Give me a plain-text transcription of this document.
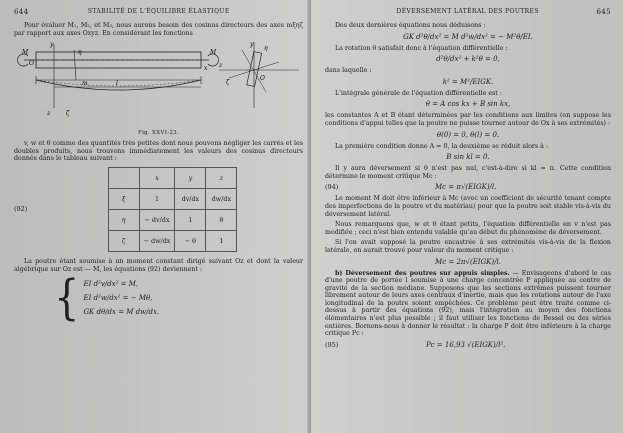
644	STABILITÉ DE L'ÉQUILIBRE ÉLASTIQUE

Pour évaluer M₁, M₂, et M₃, nous aurons besoin des cosinus directeurs des axes mξηζ par rapport aux axes Oxyz. En considérant les fonctions

M	M
y
O
η
m	l
z	ζ
x
y
z
ζ
η
O
Fig. XXVI-23.

v, w et θ comme des quantités très petites dont nous pouvons négliger les carrés et les doubles produits, nous trouvons immédiatement les valeurs des cosinus directeurs donnés dans le tableau suivant :

(92)
	x	y	z
ξ	1	dv/dx	dw/dx
η	− dv/dx	1	θ
ζ	− dw/dx	− θ	1

La poutre étant soumise à un moment constant dirigé suivant Oz et dont la valeur algébrique sur Oz est — M, les équations (92) deviennent :

{ EI d²v/dx² = M,
EI d²w/dx² = − Mθ,
GK dθ/dx = M dw/dx.
DÉVERSEMENT LATÉRAL DES POUTRES	645

Des deux dernières équations nous déduisons :

GK d²θ/dx² = M d²w/dx² = − M²θ/EI.

La rotation θ satisfait donc à l'équation différentielle :

d²θ/dx² + k²θ = 0,

dans laquelle :

k² = M²/EIGK.

L'intégrale générale de l'équation différentielle est :

θ = A cos kx + B sin kx,

les constantes A et B étant déterminées par les conditions aux limites (on suppose les conditions d'appui telles que la poutre ne puisse tourner autour de Ox à ses extrémités) :

θ(0) = 0, θ(l) = 0.

La première condition donne A = 0, la deuxième se réduit alors à :

B sin kl = 0.

Il y aura déversement si θ n'est pas nul, c'est-à-dire si kl = π. Cette condition détermine le moment critique Mc :

(94)	Mc = π√(EIGK)/l.

Le moment M doit être inférieur à Mc (avec un coefficient de sécurité tenant compte des imperfections de la poutre et du matériau) pour que la poutre soit stable vis-à-vis du déversement latéral.

Nous remarquons que, w et θ étant petits, l'équation différentielle en v n'est pas modifiée ; ceci n'est bien entendu valable qu'au début du phénomène de déversement.

Si l'on avait supposé la poutre encastrée à ses extrémités vis-à-vis de la flexion latérale, on aurait trouvé pour valeur du moment critique :

Mc = 2π√(EIGK)/l.

b) Déversement des poutres sur appuis simples. — Envisageons d'abord le cas d'une poutre de portée l soumise à une charge concentrée P appliquée au centre de gravité de la section médiane. Supposons que les sections extrêmes puissent tourner librement autour de leurs axes centraux d'inertie, mais que les rotations autour de l'axe longitudinal de la poutre soient empêchées. Ce problème peut être traité comme ci-dessus à partir des équations (92), mais l'intégration au moyen des fonctions élémentaires n'est plus possible ; il faut utiliser les fonctions de Bessel ou des séries entières. Bornons-nous à donner le résultat : la charge P doit être inférieure à la charge critique Pc :

(95)	Pc = 16,93 √(EIGK)/l².
